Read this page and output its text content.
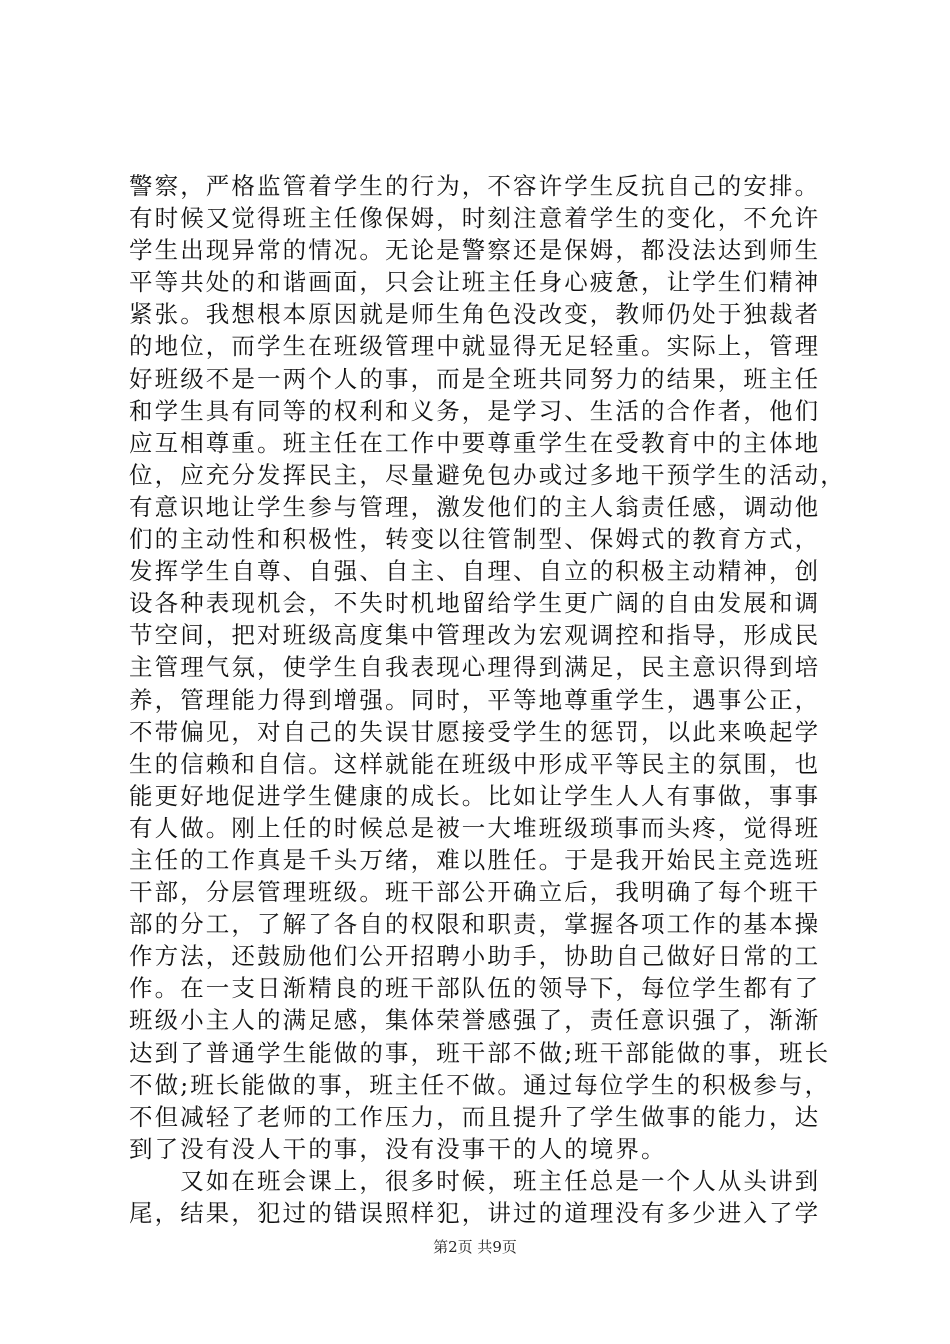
警察，严格监管着学生的行为，不容许学生反抗自己的安排。
有时候又觉得班主任像保姆，时刻注意着学生的变化，不允许
学生出现异常的情况。无论是警察还是保姆，都没法达到师生
平等共处的和谐画面，只会让班主任身心疲惫，让学生们精神
紧张。我想根本原因就是师生角色没改变，教师仍处于独裁者
的地位，而学生在班级管理中就显得无足轻重。实际上，管理
好班级不是一两个人的事，而是全班共同努力的结果，班主任
和学生具有同等的权利和义务，是学习、生活的合作者，他们
应互相尊重。班主任在工作中要尊重学生在受教育中的主体地
位，应充分发挥民主，尽量避免包办或过多地干预学生的活动，
有意识地让学生参与管理，激发他们的主人翁责任感，调动他
们的主动性和积极性，转变以往管制型、保姆式的教育方式，
发挥学生自尊、自强、自主、自理、自立的积极主动精神，创
设各种表现机会，不失时机地留给学生更广阔的自由发展和调
节空间，把对班级高度集中管理改为宏观调控和指导，形成民
主管理气氛，使学生自我表现心理得到满足，民主意识得到培
养，管理能力得到增强。同时，平等地尊重学生，遇事公正，
不带偏见，对自己的失误甘愿接受学生的惩罚，以此来唤起学
生的信赖和自信。这样就能在班级中形成平等民主的氛围，也
能更好地促进学生健康的成长。比如让学生人人有事做，事事
有人做。刚上任的时候总是被一大堆班级琐事而头疼，觉得班
主任的工作真是千头万绪，难以胜任。于是我开始民主竞选班
干部，分层管理班级。班干部公开确立后，我明确了每个班干
部的分工，了解了各自的权限和职责，掌握各项工作的基本操
作方法，还鼓励他们公开招聘小助手，协助自己做好日常的工
作。在一支日渐精良的班干部队伍的领导下，每位学生都有了
班级小主人的满足感，集体荣誉感强了，责任意识强了，渐渐
达到了普通学生能做的事，班干部不做;班干部能做的事，班长
不做;班长能做的事，班主任不做。通过每位学生的积极参与，
不但减轻了老师的工作压力，而且提升了学生做事的能力，达
到了没有没人干的事，没有没事干的人的境界。
　　又如在班会课上，很多时候，班主任总是一个人从头讲到
尾，结果，犯过的错误照样犯，讲过的道理没有多少进入了学
第2页 共9页
